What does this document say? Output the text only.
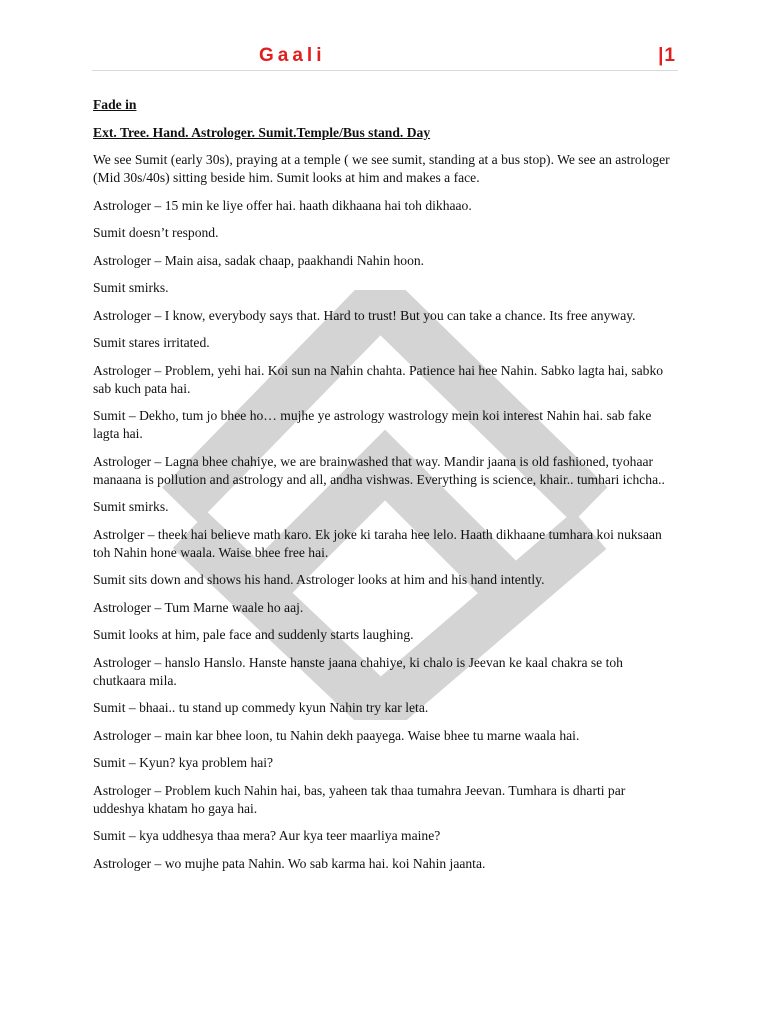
Gaali	|1

Fade in

Ext. Tree. Hand. Astrologer. Sumit.Temple/Bus stand. Day

We see Sumit (early 30s), praying at a temple ( we see sumit, standing at a bus stop). We see an astrologer (Mid 30s/40s) sitting beside him. Sumit looks at him and makes a face.

Astrologer – 15 min ke liye offer hai. haath dikhaana hai toh dikhaao.

Sumit doesn’t respond.

Astrologer – Main aisa, sadak chaap, paakhandi Nahin hoon.

Sumit smirks.

Astrologer – I know, everybody says that. Hard to trust! But you can take a chance. Its free anyway.

Sumit stares irritated.

Astrologer – Problem, yehi hai. Koi sun na Nahin chahta. Patience hai hee Nahin. Sabko lagta hai, sabko sab kuch pata hai.

Sumit – Dekho, tum jo bhee ho… mujhe ye astrology wastrology mein koi interest Nahin hai. sab fake lagta hai.

Astrologer – Lagna bhee chahiye, we are brainwashed that way. Mandir jaana is old fashioned, tyohaar manaana is pollution and astrology and all, andha vishwas. Everything is science, khair.. tumhari ichcha..

Sumit smirks.

Astrolger – theek hai believe math karo. Ek joke ki taraha hee lelo. Haath dikhaane tumhara koi nuksaan toh Nahin hone waala. Waise bhee free hai.

Sumit sits down and shows his hand. Astrologer looks at him and his hand intently.

Astrologer – Tum Marne waale ho aaj.

Sumit looks at him, pale face and suddenly starts laughing.

Astrologer – hanslo Hanslo. Hanste hanste jaana chahiye, ki chalo is Jeevan ke kaal chakra se toh chutkaara mila.

Sumit – bhaai.. tu stand up commedy kyun Nahin try kar leta.

Astrologer – main kar bhee loon, tu Nahin dekh paayega. Waise bhee tu marne waala hai.

Sumit – Kyun? kya problem hai?

Astrologer – Problem kuch Nahin hai, bas, yaheen tak thaa tumahra Jeevan. Tumhara is dharti par uddeshya khatam ho gaya hai.

Sumit – kya uddhesya thaa mera? Aur kya teer maarliya maine?

Astrologer – wo mujhe pata Nahin. Wo sab karma hai. koi Nahin jaanta.
